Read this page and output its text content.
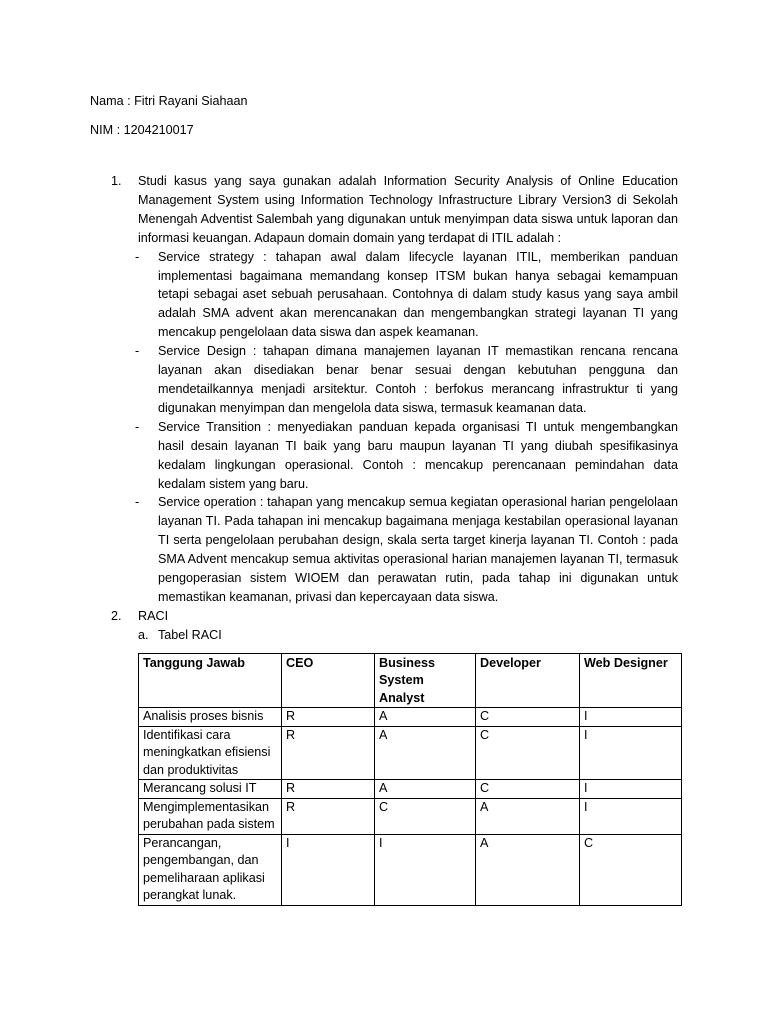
Nama : Fitri Rayani Siahaan

NIM : 1204210017

1. Studi kasus yang saya gunakan adalah Information Security Analysis of Online Education Management System using Information Technology Infrastructure Library Version3 di Sekolah Menengah Adventist Salembah yang digunakan untuk menyimpan data siswa untuk laporan dan informasi keuangan. Adapaun domain domain yang terdapat di ITIL adalah :
- Service strategy : tahapan awal dalam lifecycle layanan ITIL, memberikan panduan implementasi bagaimana memandang konsep ITSM bukan hanya sebagai kemampuan tetapi sebagai aset sebuah perusahaan. Contohnya di dalam study kasus yang saya ambil adalah SMA advent akan merencanakan dan mengembangkan strategi layanan TI yang mencakup pengelolaan data siswa dan aspek keamanan.
- Service Design : tahapan dimana manajemen layanan IT memastikan rencana rencana layanan akan disediakan benar benar sesuai dengan kebutuhan pengguna dan mendetailkannya menjadi arsitektur. Contoh : berfokus merancang infrastruktur ti yang digunakan menyimpan dan mengelola data siswa, termasuk keamanan data.
- Service Transition : menyediakan panduan kepada organisasi TI untuk mengembangkan hasil desain layanan TI baik yang baru maupun layanan TI yang diubah spesifikasinya kedalam lingkungan operasional. Contoh : mencakup perencanaan pemindahan data kedalam sistem yang baru.
- Service operation : tahapan yang mencakup semua kegiatan operasional harian pengelolaan layanan TI. Pada tahapan ini mencakup bagaimana menjaga kestabilan operasional layanan TI serta pengelolaan perubahan design, skala serta target kinerja layanan TI. Contoh : pada SMA Advent mencakup semua aktivitas operasional harian manajemen layanan TI, termasuk pengoperasian sistem WIOEM dan perawatan rutin, pada tahap ini digunakan untuk memastikan keamanan, privasi dan kepercayaan data siswa.
2. RACI
a. Tabel RACI
Tanggung Jawab	CEO	Business System Analyst	Developer	Web Designer
Analisis proses bisnis	R	A	C	I
Identifikasi cara meningkatkan efisiensi dan produktivitas	R	A	C	I
Merancang solusi IT	R	A	C	I
Mengimplementasikan perubahan pada sistem	R	C	A	I
Perancangan, pengembangan, dan pemeliharaan aplikasi perangkat lunak.	I	I	A	C
